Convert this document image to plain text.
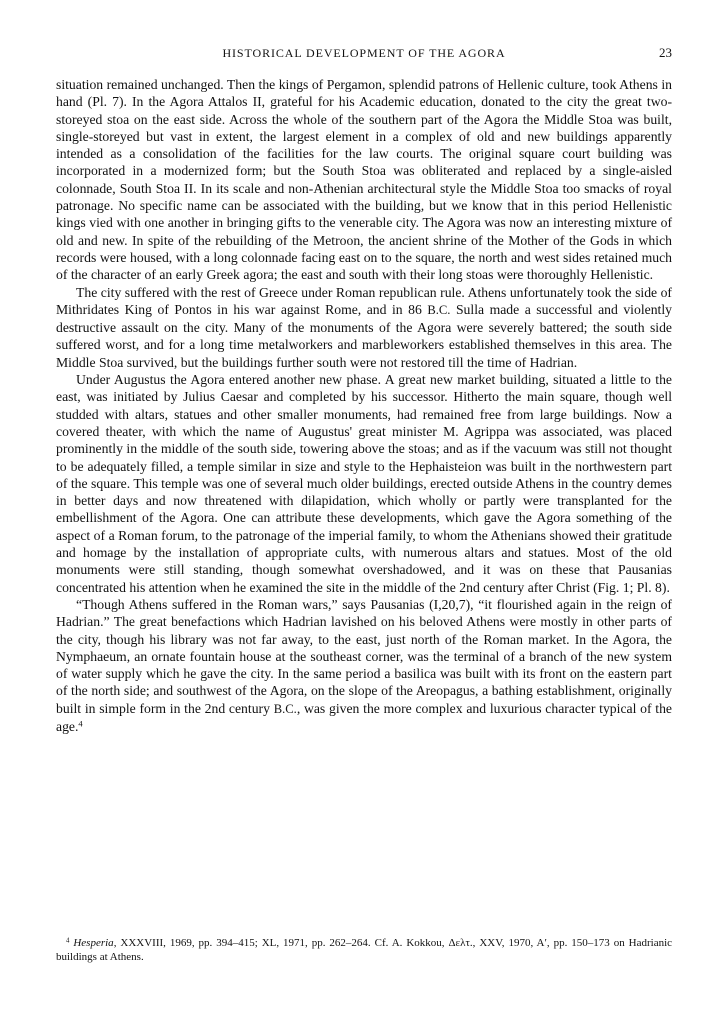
HISTORICAL DEVELOPMENT OF THE AGORA	23

situation remained unchanged. Then the kings of Pergamon, splendid patrons of Hellenic culture, took Athens in hand (Pl. 7). In the Agora Attalos II, grateful for his Academic education, donated to the city the great two-storeyed stoa on the east side. Across the whole of the southern part of the Agora the Middle Stoa was built, single-storeyed but vast in extent, the largest element in a complex of old and new buildings apparently intended as a consolidation of the facilities for the law courts. The original square court building was incorporated in a modernized form; but the South Stoa was obliterated and replaced by a single-aisled colonnade, South Stoa II. In its scale and non-Athenian architectural style the Middle Stoa too smacks of royal patronage. No specific name can be associated with the building, but we know that in this period Hellenistic kings vied with one another in bringing gifts to the venerable city. The Agora was now an interesting mixture of old and new. In spite of the rebuilding of the Metroon, the ancient shrine of the Mother of the Gods in which records were housed, with a long colonnade facing east on to the square, the north and west sides retained much of the character of an early Greek agora; the east and south with their long stoas were thoroughly Hellenistic.

The city suffered with the rest of Greece under Roman republican rule. Athens unfortunately took the side of Mithridates King of Pontos in his war against Rome, and in 86 B.C. Sulla made a successful and violently destructive assault on the city. Many of the monuments of the Agora were severely battered; the south side suffered worst, and for a long time metalworkers and marbleworkers established themselves in this area. The Middle Stoa survived, but the buildings further south were not restored till the time of Hadrian.

Under Augustus the Agora entered another new phase. A great new market building, situated a little to the east, was initiated by Julius Caesar and completed by his successor. Hitherto the main square, though well studded with altars, statues and other smaller monuments, had remained free from large buildings. Now a covered theater, with which the name of Augustus' great minister M. Agrippa was associated, was placed prominently in the middle of the south side, towering above the stoas; and as if the vacuum was still not thought to be adequately filled, a temple similar in size and style to the Hephaisteion was built in the northwestern part of the square. This temple was one of several much older buildings, erected outside Athens in the country demes in better days and now threatened with dilapidation, which wholly or partly were transplanted for the embellishment of the Agora. One can attribute these developments, which gave the Agora something of the aspect of a Roman forum, to the patronage of the imperial family, to whom the Athenians showed their gratitude and homage by the installation of appropriate cults, with numerous altars and statues. Most of the old monuments were still standing, though somewhat overshadowed, and it was on these that Pausanias concentrated his attention when he examined the site in the middle of the 2nd century after Christ (Fig. 1; Pl. 8).

“Though Athens suffered in the Roman wars,” says Pausanias (I,20,7), “it flourished again in the reign of Hadrian.” The great benefactions which Hadrian lavished on his beloved Athens were mostly in other parts of the city, though his library was not far away, to the east, just north of the Roman market. In the Agora, the Nymphaeum, an ornate fountain house at the southeast corner, was the terminal of a branch of the new system of water supply which he gave the city. In the same period a basilica was built with its front on the eastern part of the north side; and southwest of the Agora, on the slope of the Areopagus, a bathing establishment, originally built in simple form in the 2nd century B.C., was given the more complex and luxurious character typical of the age.$^4$

$^4$ Hesperia, XXXVIII, 1969, pp. 394–415; XL, 1971, pp. 262–264. Cf. A. Kokkou, Δελτ., XXV, 1970, A′, pp. 150–173 on Hadrianic buildings at Athens.
